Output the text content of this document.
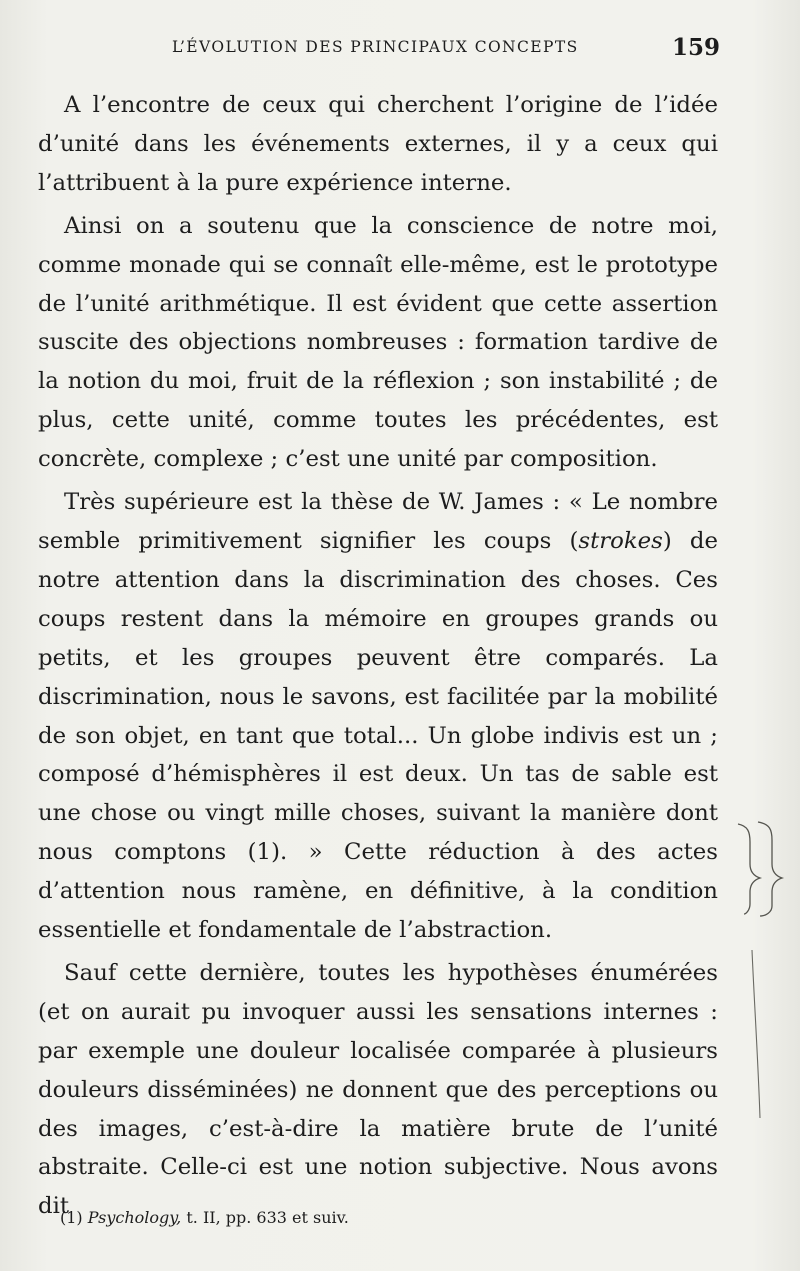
L’ÉVOLUTION DES PRINCIPAUX CONCEPTS	159

A l’encontre de ceux qui cherchent l’origine de l’idée d’unité dans les événements externes, il y a ceux qui l’attribuent à la pure expérience interne.

Ainsi on a soutenu que la conscience de notre moi, comme monade qui se connaît elle-même, est le prototype de l’unité arithmétique. Il est évident que cette assertion suscite des objections nombreuses : formation tardive de la notion du moi, fruit de la réflexion ; son instabilité ; de plus, cette unité, comme toutes les précédentes, est concrète, complexe ; c’est une unité par composition.

Très supérieure est la thèse de W. James : « Le nombre semble primitivement signifier les coups (strokes) de notre attention dans la discrimination des choses. Ces coups restent dans la mémoire en groupes grands ou petits, et les groupes peuvent être comparés. La discrimination, nous le savons, est facilitée par la mobilité de son objet, en tant que total... Un globe indivis est un ; composé d’hémisphères il est deux. Un tas de sable est une chose ou vingt mille choses, suivant la manière dont nous comptons (1). » Cette réduction à des actes d’attention nous ramène, en définitive, à la condition essentielle et fondamentale de l’abstraction.

Sauf cette dernière, toutes les hypothèses énumérées (et on aurait pu invoquer aussi les sensations internes : par exemple une douleur localisée comparée à plusieurs douleurs disséminées) ne donnent que des perceptions ou des images, c’est-à-dire la matière brute de l’unité abstraite. Celle-ci est une notion subjective. Nous avons dit

(1) Psychology, t. II, pp. 633 et suiv.
